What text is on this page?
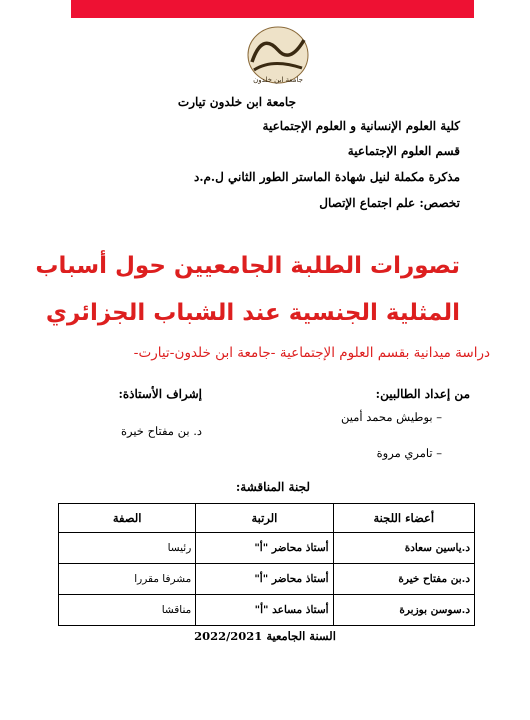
جامعة ابن خلدون
جامعة ابن خلدون تيارت
كلية العلوم الإنسانية و العلوم الإجتماعية
قسم العلوم الإجتماعية
مذكرة مكملة لنيل شهادة الماستر الطور الثاني ل.م.د
تخصص: علم اجتماع الإتصال
تصورات الطلبة الجامعيين حول أسباب
المثلية الجنسية عند الشباب الجزائري
دراسة ميدانية بقسم العلوم الإجتماعية -جامعة ابن خلدون-تيارت-
من إعداد الطالبين:
– بوطيش محمد أمين
– تامري مروة
إشراف الأستاذة:
د. بن مفتاح خيرة
لجنة المناقشة:
أعضاء اللجنة	الرتبة	الصفة
د.ياسين سعادة	أستاذ محاضر "أ"	رئيسا
د.بن مفتاح خيرة	أستاذ محاضر "أ"	مشرفا مقررا
د.سوسن بوزبرة	أستاذ مساعد "أ"	مناقشا
السنة الجامعية 2022/2021
